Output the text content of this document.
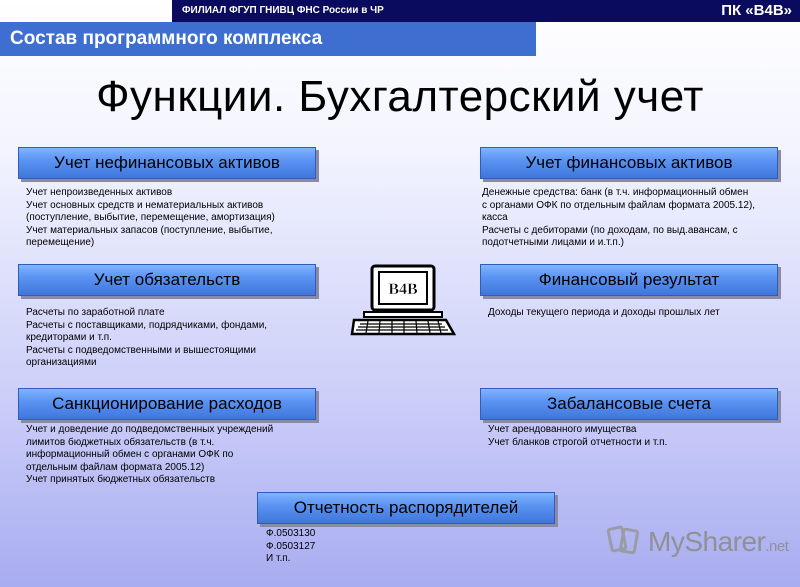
ФИЛИАЛ ФГУП ГНИВЦ ФНС России в ЧР	ПК «В4В»
Состав программного комплекса
Функции. Бухгалтерский учет
Учет нефинансовых активов
Учет непроизведенных активов
Учет основных средств и нематериальных активов
(поступление, выбытие, перемещение, амортизация)
Учет материальных запасов (поступление, выбытие,
перемещение)
Учет финансовых активов
Денежные средства: банк (в т.ч. информационный обмен
с органами ОФК по отдельным файлам формата 2005.12),
касса
Расчеты с дебиторами (по доходам, по выд.авансам, с
подотчетными лицами и и.т.п.)
Учет обязательств
Расчеты по заработной плате
Расчеты с поставщиками, подрядчиками, фондами,
кредиторами и т.п.
Расчеты с подведомственными и вышестоящими
организациями
Финансовый результат
Доходы текущего периода и доходы прошлых лет
Санкционирование расходов
Учет и доведение до подведомственных учреждений
лимитов бюджетных обязательств (в т.ч.
информационный обмен с органами ОФК по
отдельным файлам формата 2005.12)
Учет принятых бюджетных обязательств
Забалансовые счета
Учет арендованного имущества
Учет бланков строгой отчетности и т.п.
Отчетность распорядителей
Ф.0503130
Ф.0503127
И т.п.
B4B
MySharer.net
